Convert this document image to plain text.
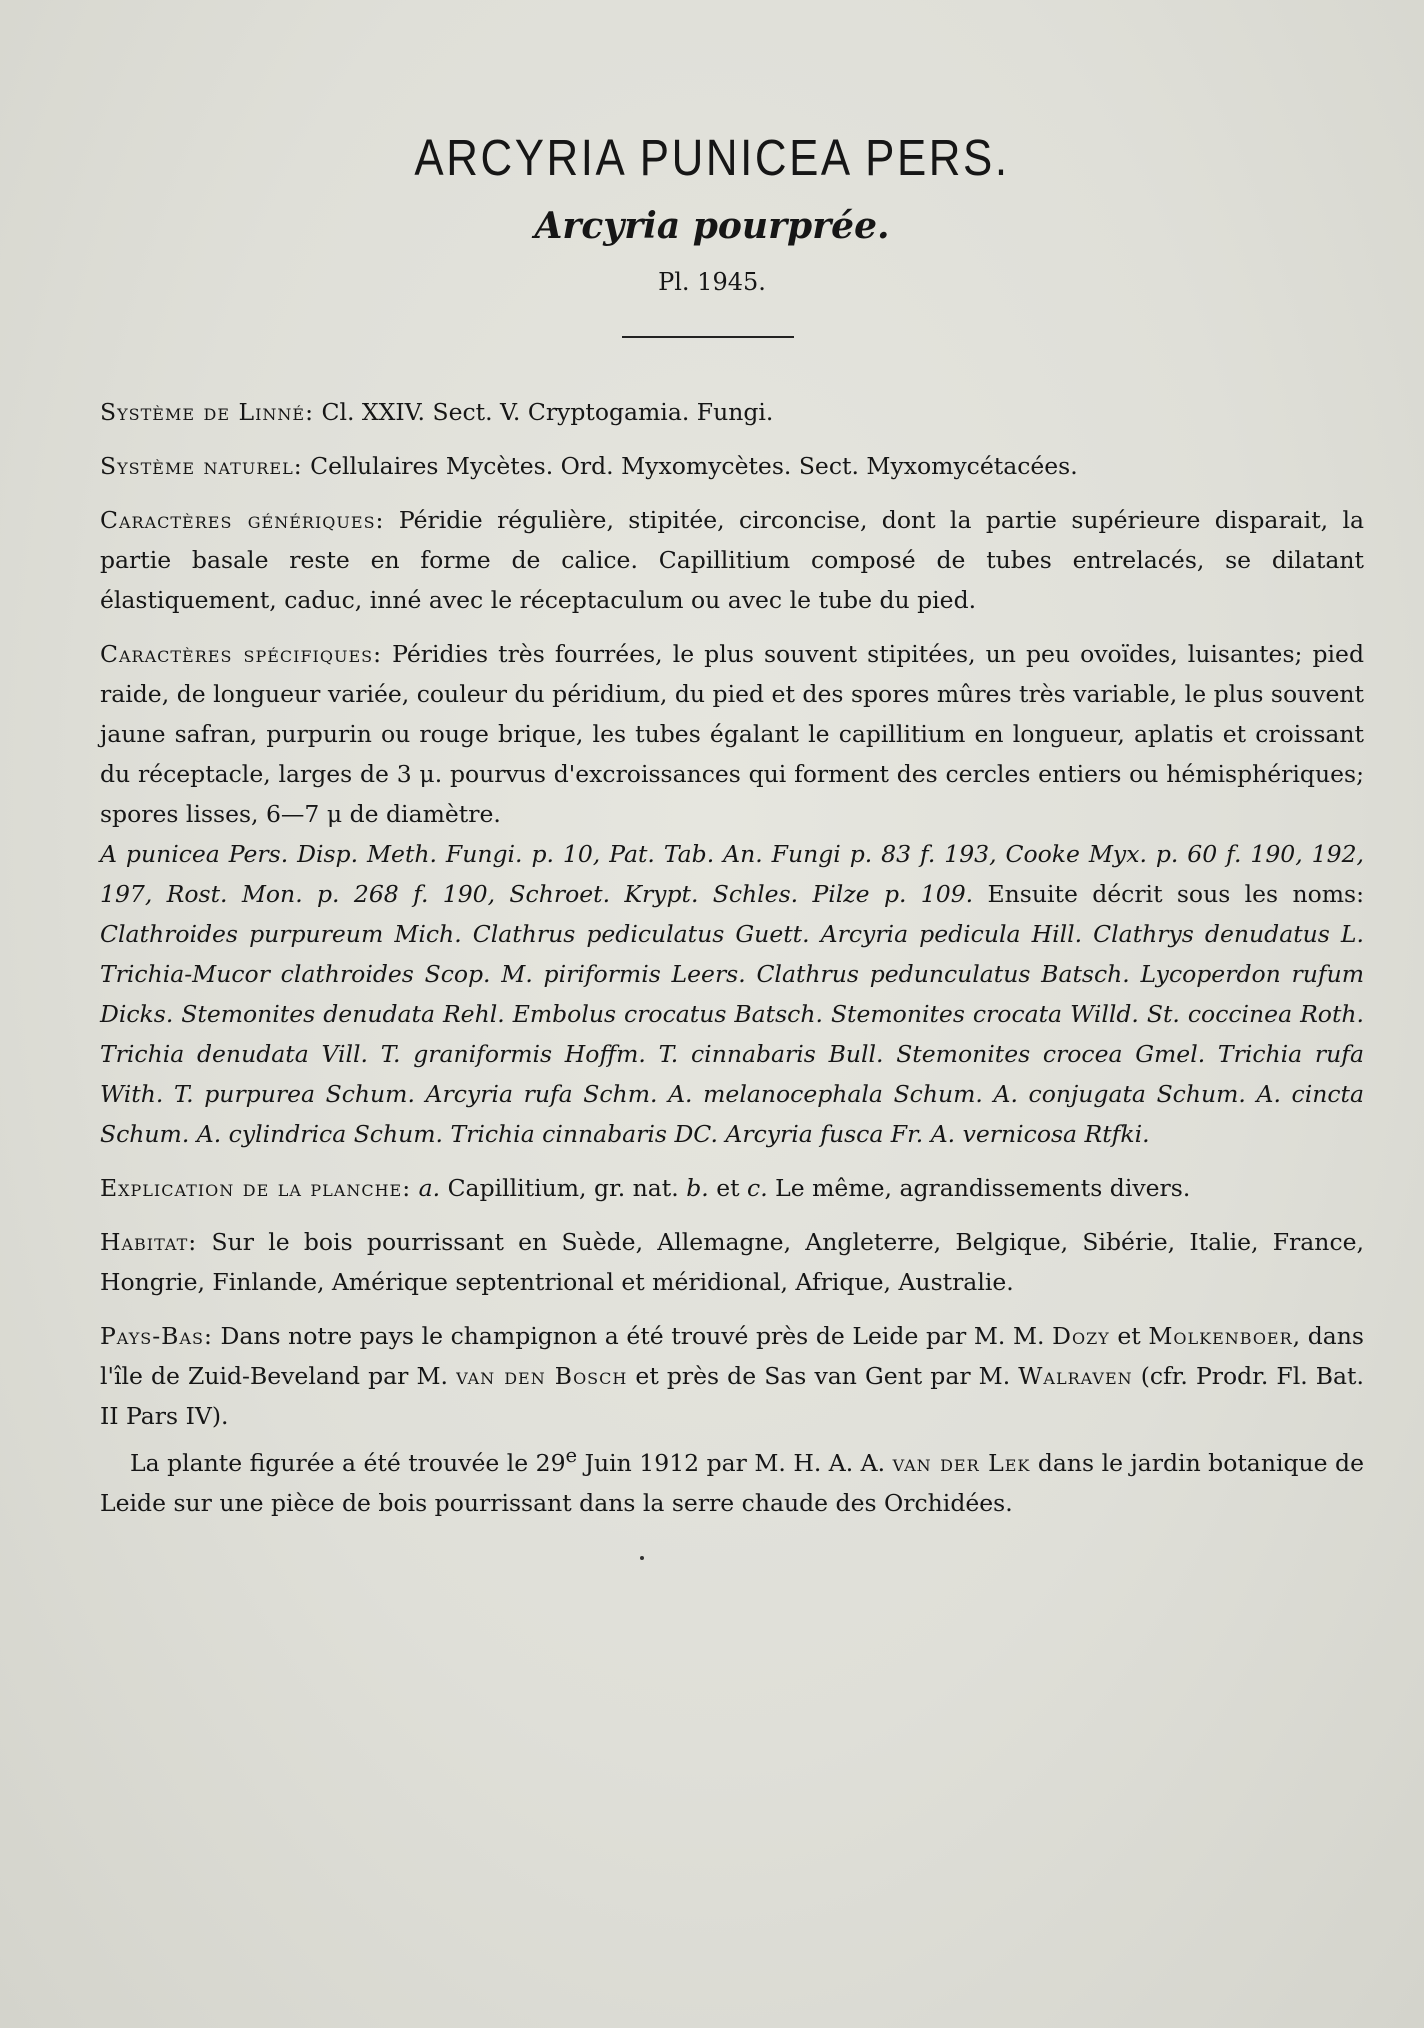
ARCYRIA PUNICEA PERS.
Arcyria pourprée.
Pl. 1945.

Système de Linné: Cl. XXIV. Sect. V. Cryptogamia. Fungi.

Système naturel: Cellulaires Mycètes. Ord. Myxomycètes. Sect. Myxomycétacées.

Caractères génériques: Péridie régulière, stipitée, circoncise, dont la partie supérieure disparait, la partie basale reste en forme de calice. Capillitium composé de tubes entrelacés, se dilatant élastiquement, caduc, inné avec le réceptaculum ou avec le tube du pied.

Caractères spécifiques: Péridies très fourrées, le plus souvent stipitées, un peu ovoïdes, luisantes; pied raide, de longueur variée, couleur du péridium, du pied et des spores mûres très variable, le plus souvent jaune safran, purpurin ou rouge brique, les tubes égalant le capillitium en longueur, aplatis et croissant du réceptacle, larges de 3 μ. pourvus d'excroissances qui forment des cercles entiers ou hémisphériques; spores lisses, 6—7 μ de diamètre.

A punicea Pers. Disp. Meth. Fungi. p. 10, Pat. Tab. An. Fungi p. 83 f. 193, Cooke Myx. p. 60 f. 190, 192, 197, Rost. Mon. p. 268 f. 190, Schroet. Krypt. Schles. Pilze p. 109. Ensuite décrit sous les noms: Clathroides purpureum Mich. Clathrus pediculatus Guett. Arcyria pedicula Hill. Clathrys denudatus L. Trichia-Mucor clathroides Scop. M. piriformis Leers. Clathrus pedunculatus Batsch. Lycoperdon rufum Dicks. Stemonites denudata Rehl. Embolus crocatus Batsch. Stemonites crocata Willd. St. coccinea Roth. Trichia denudata Vill. T. graniformis Hoffm. T. cinnabaris Bull. Stemonites crocea Gmel. Trichia rufa With. T. purpurea Schum. Arcyria rufa Schm. A. melanocephala Schum. A. conjugata Schum. A. cincta Schum. A. cylindrica Schum. Trichia cinnabaris DC. Arcyria fusca Fr. A. vernicosa Rtfki.

Explication de la planche: a. Capillitium, gr. nat. b. et c. Le même, agrandissements divers.

Habitat: Sur le bois pourrissant en Suède, Allemagne, Angleterre, Belgique, Sibérie, Italie, France, Hongrie, Finlande, Amérique septentrional et méridional, Afrique, Australie.

Pays-Bas: Dans notre pays le champignon a été trouvé près de Leide par M. M. Dozy et Molkenboer, dans l'île de Zuid-Beveland par M. van den Bosch et près de Sas van Gent par M. Walraven (cfr. Prodr. Fl. Bat. II Pars IV).

La plante figurée a été trouvée le 29e Juin 1912 par M. H. A. A. van der Lek dans le jardin botanique de Leide sur une pièce de bois pourrissant dans la serre chaude des Orchidées.
